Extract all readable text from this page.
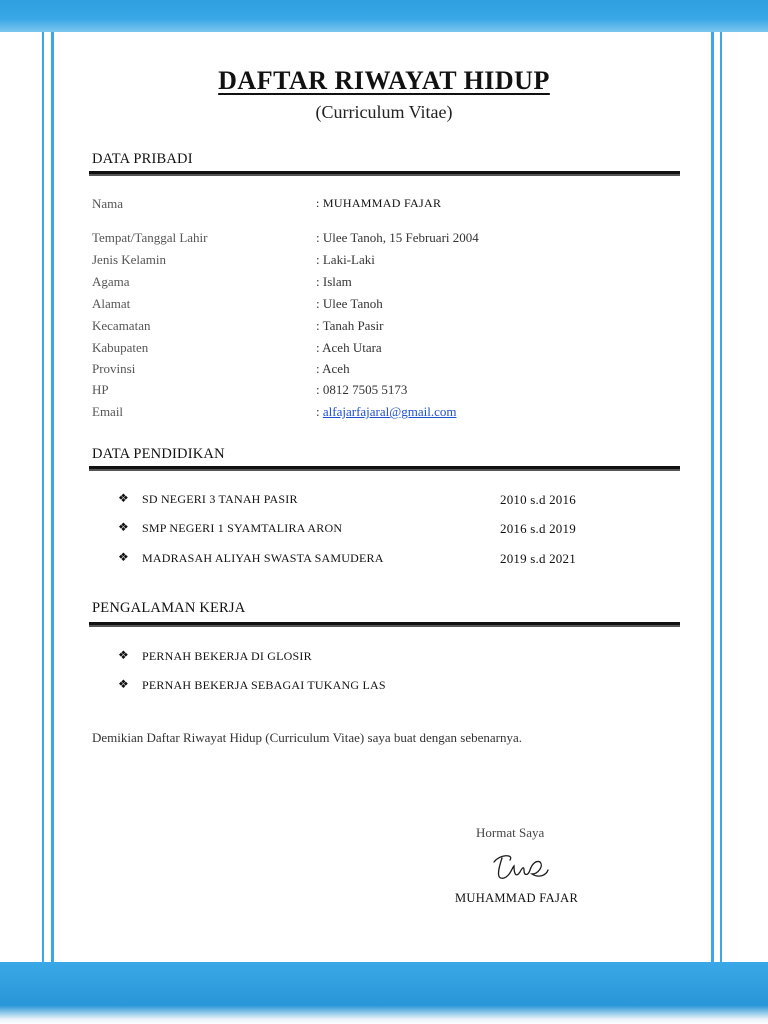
DAFTAR RIWAYAT HIDUP
(Curriculum Vitae)
DATA PRIBADI
Nama	: MUHAMMAD FAJAR
Tempat/Tanggal Lahir	: Ulee Tanoh, 15 Februari 2004
Jenis Kelamin	: Laki-Laki
Agama	: Islam
Alamat	: Ulee Tanoh
Kecamatan	: Tanah Pasir
Kabupaten	: Aceh Utara
Provinsi	: Aceh
HP	: 0812 7505 5173
Email	: alfajarfajaral@gmail.com
DATA PENDIDIKAN
❖ SD NEGERI 3 TANAH PASIR	2010 s.d 2016
❖ SMP NEGERI 1 SYAMTALIRA ARON	2016 s.d 2019
❖ MADRASAH ALIYAH SWASTA SAMUDERA	2019 s.d 2021
PENGALAMAN KERJA
❖ PERNAH BEKERJA DI GLOSIR
❖ PERNAH BEKERJA SEBAGAI TUKANG LAS
Demikian Daftar Riwayat Hidup (Curriculum Vitae) saya buat dengan sebenarnya.
Hormat Saya
MUHAMMAD FAJAR
